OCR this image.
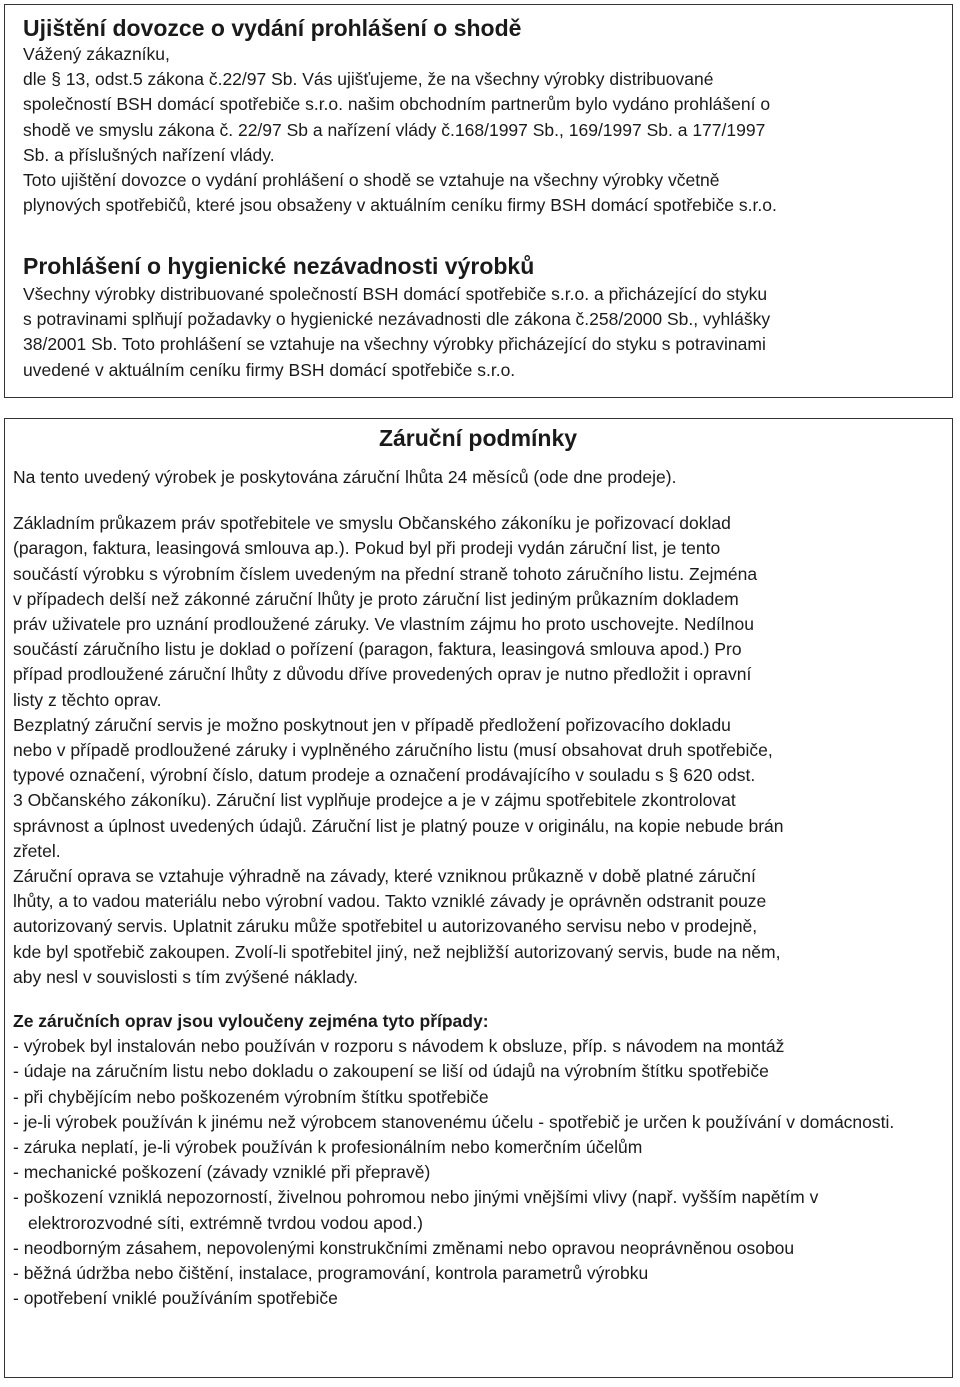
Ujištění dovozce o vydání prohlášení o shodě

Vážený zákazníku,

dle § 13, odst.5 zákona č.22/97 Sb. Vás ujišťujeme, že na všechny výrobky distribuované

společností BSH domácí spotřebiče s.r.o. našim obchodním partnerům bylo vydáno prohlášení o

shodě ve smyslu zákona č. 22/97 Sb a nařízení vlády č.168/1997 Sb., 169/1997 Sb. a 177/1997

Sb. a příslušných nařízení vlády.

Toto ujištění dovozce o vydání prohlášení o shodě se vztahuje na všechny výrobky včetně

plynových spotřebičů, které jsou obsaženy v aktuálním ceníku firmy BSH domácí spotřebiče s.r.o.

Prohlášení o hygienické nezávadnosti výrobků

Všechny výrobky distribuované společností BSH domácí spotřebiče s.r.o. a přicházející do styku

s potravinami splňují požadavky o hygienické nezávadnosti dle zákona č.258/2000 Sb., vyhlášky

38/2001 Sb. Toto prohlášení se vztahuje na všechny výrobky přicházející do styku s potravinami

uvedené v aktuálním ceníku firmy BSH domácí spotřebiče s.r.o.

Záruční podmínky

Na tento uvedený výrobek je poskytována záruční lhůta 24 měsíců (ode dne prodeje).

Základním průkazem práv spotřebitele ve smyslu Občanského zákoníku je pořizovací doklad

(paragon, faktura, leasingová smlouva ap.). Pokud byl při prodeji vydán záruční list, je tento

součástí výrobku s výrobním číslem uvedeným na přední straně tohoto záručního listu. Zejména

v případech delší než zákonné záruční lhůty je proto záruční list jediným průkazním dokladem

práv uživatele pro uznání prodloužené záruky. Ve vlastním zájmu ho proto uschovejte. Nedílnou

součástí záručního listu je doklad o pořízení (paragon, faktura, leasingová smlouva apod.) Pro

případ prodloužené záruční lhůty z důvodu dříve provedených oprav je nutno předložit i opravní

listy z těchto oprav.

Bezplatný záruční servis je možno poskytnout jen v případě předložení pořizovacího dokladu

nebo v případě prodloužené záruky i vyplněného záručního listu (musí obsahovat druh spotřebiče,

typové označení, výrobní číslo, datum prodeje a označení prodávajícího v souladu s § 620 odst.

3 Občanského zákoníku). Záruční list vyplňuje prodejce a je v zájmu spotřebitele zkontrolovat

správnost a úplnost uvedených údajů. Záruční list je platný pouze v originálu, na kopie nebude brán

zřetel.

Záruční oprava se vztahuje výhradně na závady, které vzniknou průkazně v době platné záruční

lhůty, a to vadou materiálu nebo výrobní vadou. Takto vzniklé závady je oprávněn odstranit pouze

autorizovaný servis. Uplatnit záruku může spotřebitel u autorizovaného servisu nebo v prodejně,

kde byl spotřebič zakoupen. Zvolí-li spotřebitel jiný, než nejbližší autorizovaný servis, bude na něm,

aby nesl v souvislosti s tím zvýšené náklady.

Ze záručních oprav jsou vyloučeny zejména tyto případy:

- výrobek byl instalován nebo používán v rozporu s návodem k obsluze, příp. s návodem na montáž

- údaje na záručním listu nebo dokladu o zakoupení se liší od údajů na výrobním štítku spotřebiče

- při chybějícím nebo poškozeném výrobním štítku spotřebiče

- je-li výrobek používán k jinému než výrobcem stanovenému účelu - spotřebič je určen k používání v domácnosti.

- záruka neplatí, je-li výrobek používán k profesionálním nebo komerčním účelům

- mechanické poškození (závady vzniklé při přepravě)

- poškození vzniklá nepozorností, živelnou pohromou nebo jinými vnějšími vlivy (např. vyšším napětím v elektrorozvodné síti, extrémně tvrdou vodou apod.)

- neodborným zásahem, nepovolenými konstrukčními změnami nebo opravou neoprávněnou osobou

- běžná údržba nebo čištění, instalace, programování, kontrola parametrů výrobku

- opotřebení vniklé používáním spotřebiče
